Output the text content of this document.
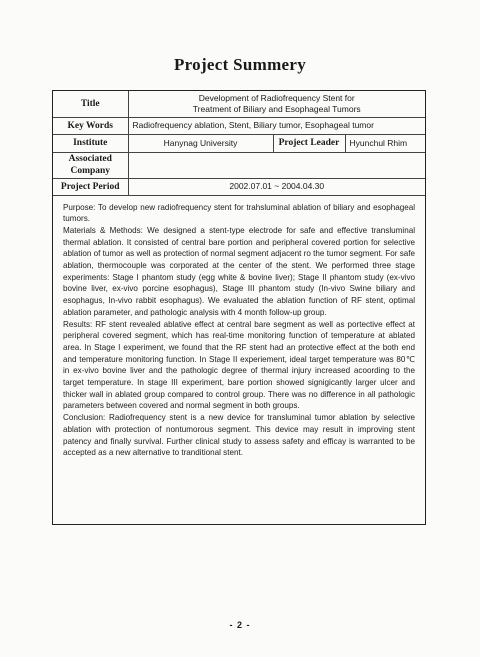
Project Summery
Title	Development of Radiofrequency Stent for
Treatment of Biliary and Esophageal Tumors		

Key Words	Radiofrequency ablation, Stent, Biliary tumor, Esophageal tumor		
Institute	Hanynag University	Project Leader	Hyunchul Rhim

Associated
Company			

Project Period	2002.07.01 ~ 2004.04.30		

Purpose: To develop new radiofrequency stent for trahsluminal ablation of biliary and esophageal tumors.

Materials & Methods: We designed a stent-type electrode for safe and effective transluminal thermal ablation. It consisted of central bare portion and peripheral covered portion for selective ablation of tumor as well as protection of normal segment adjacent ro the tumor segment. For safe ablation, thermocouple was corporated at the center of the stent. We performed three stage experiments: Stage I phantom study (egg white & bovine liver); Stage II phantom study (ex-vivo bovine liver, ex-vivo porcine esophagus), Stage III phantom study (In-vivo Swine biliary and esophagus, In-vivo rabbit esophagus). We evaluated the ablation function of RF stent, optimal ablation parameter, and pathologic analysis with 4 month follow-up group.

Results: RF stent revealed ablative effect at central bare segment as well as portective effect at peripheral covered segment, which has real-time monitoring function of temperature at ablated area. In Stage I experiment, we found that the RF stent had an protective effect at the both end and temperature monitoring function. In Stage II experiement, ideal target temperature was 80℃ in ex-vivo bovine liver and the pathologic degree of thermal injury increased acoording to the target temperature. In stage III experiment, bare portion showed signigicantly larger ulcer and thicker wall in ablated group compared to control group. There was no difference in all pathologic parameters between covered and normal segment in both groups.

Conclusion: Radiofrequency stent is a new device for transluminal tumor ablation by selective ablation with protection of nontumorous segment. This device may result in improving stent patency and finally survival. Further clinical study to assess safety and efficay is warranted to be accepted as a new alternative to tranditional stent.

- 2 -
